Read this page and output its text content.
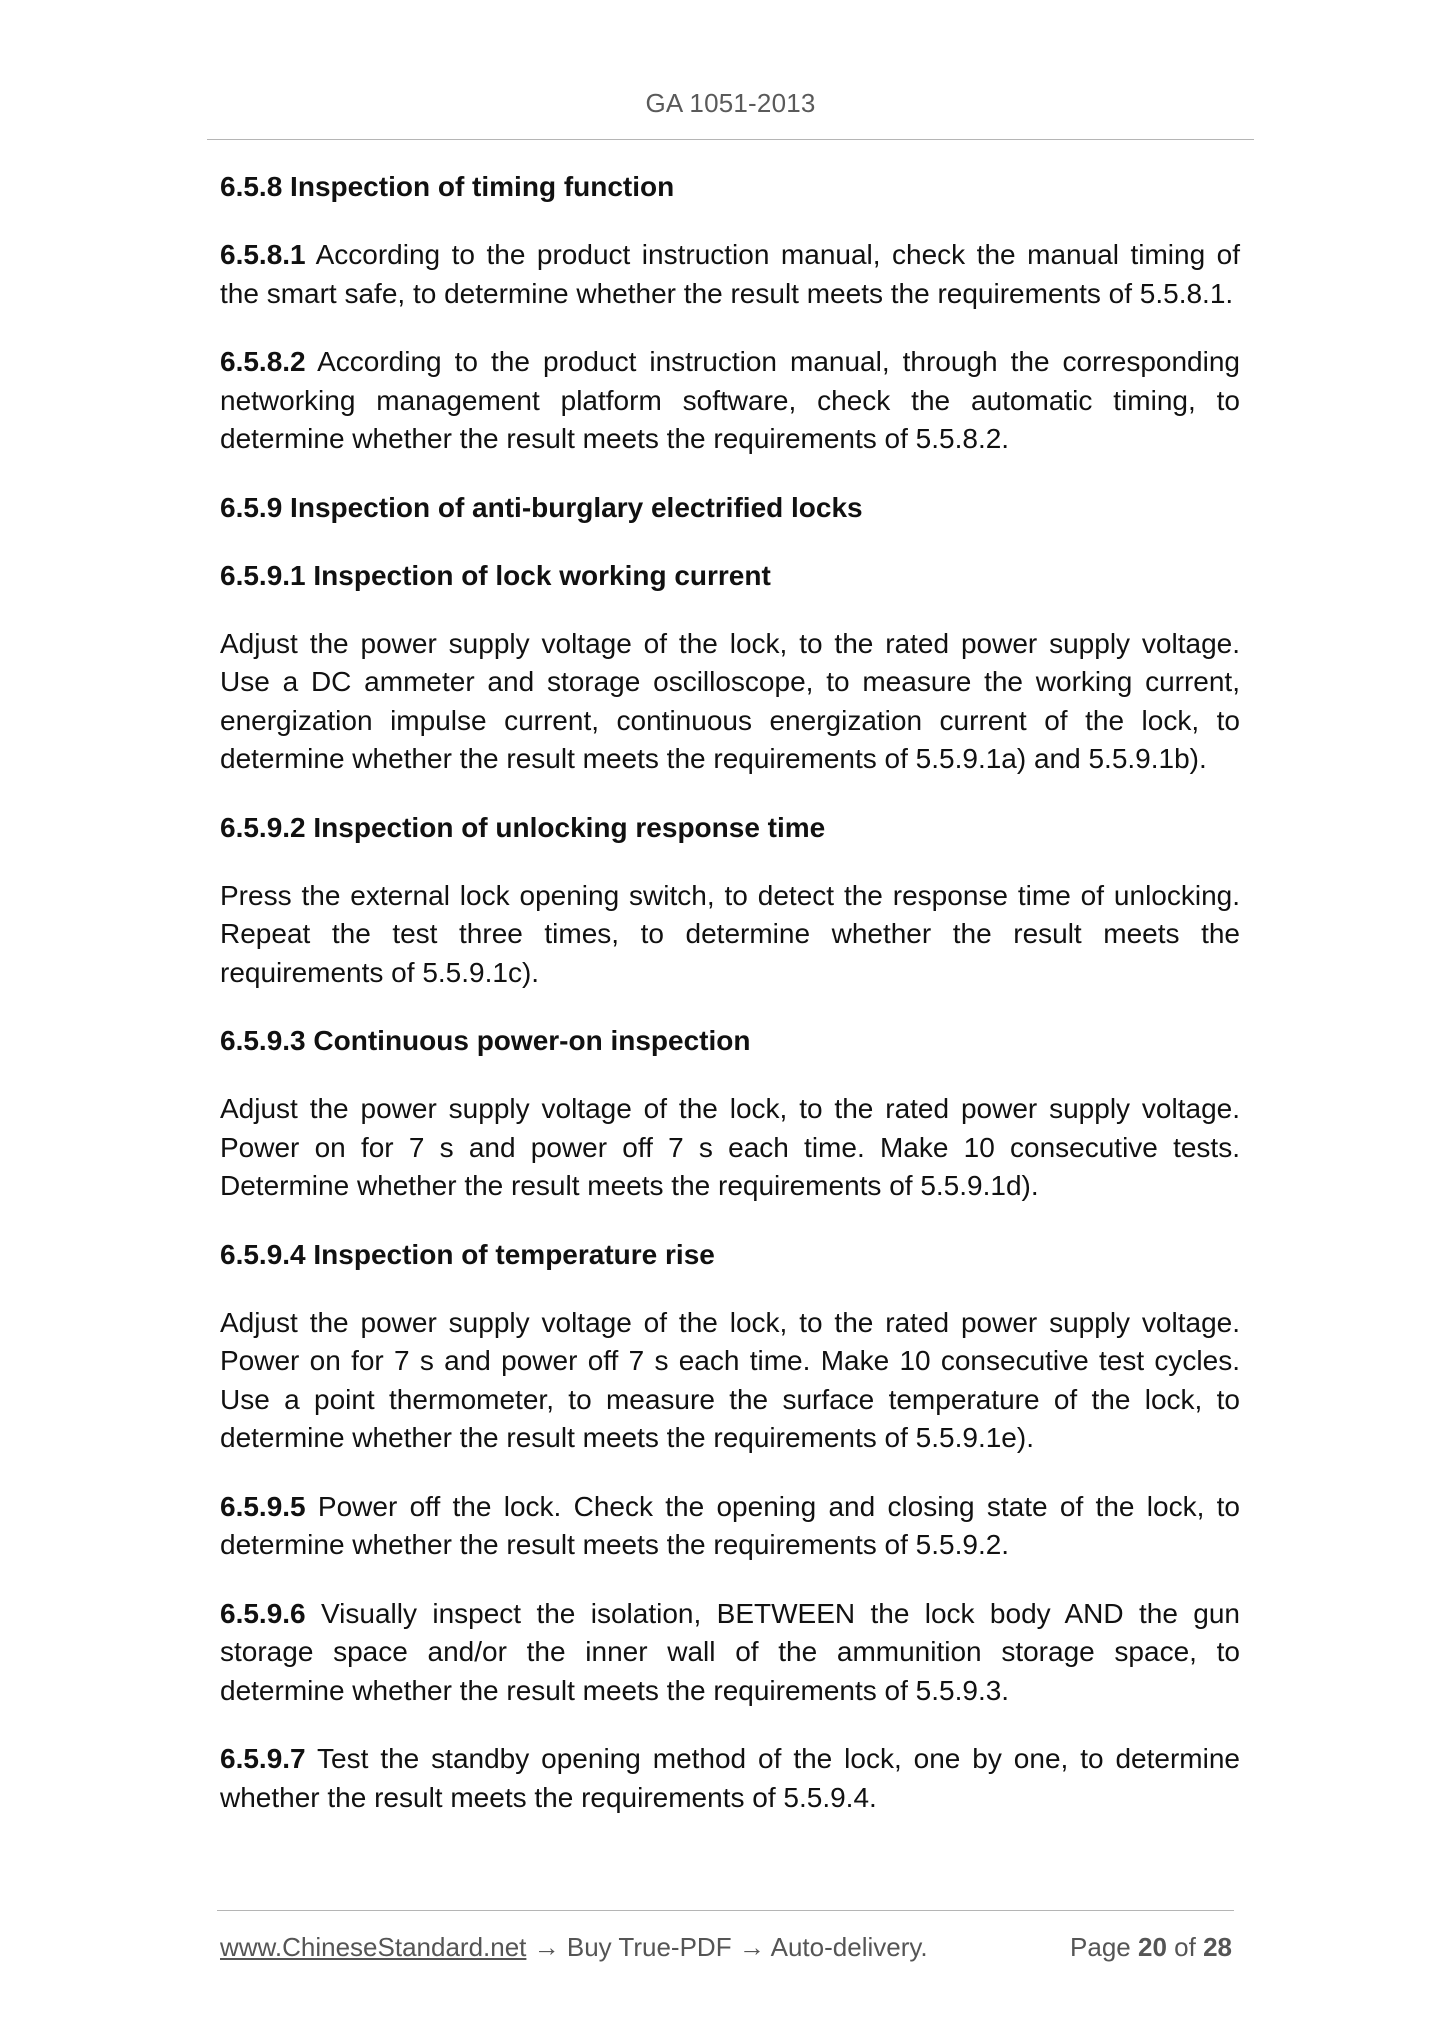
GA 1051-2013
6.5.8 Inspection of timing function
6.5.8.1 According to the product instruction manual, check the manual timing of the smart safe, to determine whether the result meets the requirements of 5.5.8.1.
6.5.8.2 According to the product instruction manual, through the corresponding networking management platform software, check the automatic timing, to determine whether the result meets the requirements of 5.5.8.2.
6.5.9 Inspection of anti-burglary electrified locks
6.5.9.1 Inspection of lock working current
Adjust the power supply voltage of the lock, to the rated power supply voltage. Use a DC ammeter and storage oscilloscope, to measure the working current, energization impulse current, continuous energization current of the lock, to determine whether the result meets the requirements of 5.5.9.1a) and 5.5.9.1b).
6.5.9.2 Inspection of unlocking response time
Press the external lock opening switch, to detect the response time of unlocking. Repeat the test three times, to determine whether the result meets the requirements of 5.5.9.1c).
6.5.9.3 Continuous power-on inspection
Adjust the power supply voltage of the lock, to the rated power supply voltage. Power on for 7 s and power off 7 s each time. Make 10 consecutive tests. Determine whether the result meets the requirements of 5.5.9.1d).
6.5.9.4 Inspection of temperature rise
Adjust the power supply voltage of the lock, to the rated power supply voltage. Power on for 7 s and power off 7 s each time. Make 10 consecutive test cycles. Use a point thermometer, to measure the surface temperature of the lock, to determine whether the result meets the requirements of 5.5.9.1e).
6.5.9.5 Power off the lock. Check the opening and closing state of the lock, to determine whether the result meets the requirements of 5.5.9.2.
6.5.9.6 Visually inspect the isolation, BETWEEN the lock body AND the gun storage space and/or the inner wall of the ammunition storage space, to determine whether the result meets the requirements of 5.5.9.3.
6.5.9.7 Test the standby opening method of the lock, one by one, to determine whether the result meets the requirements of 5.5.9.4.
www.ChineseStandard.net → Buy True-PDF → Auto-delivery.	Page 20 of 28
